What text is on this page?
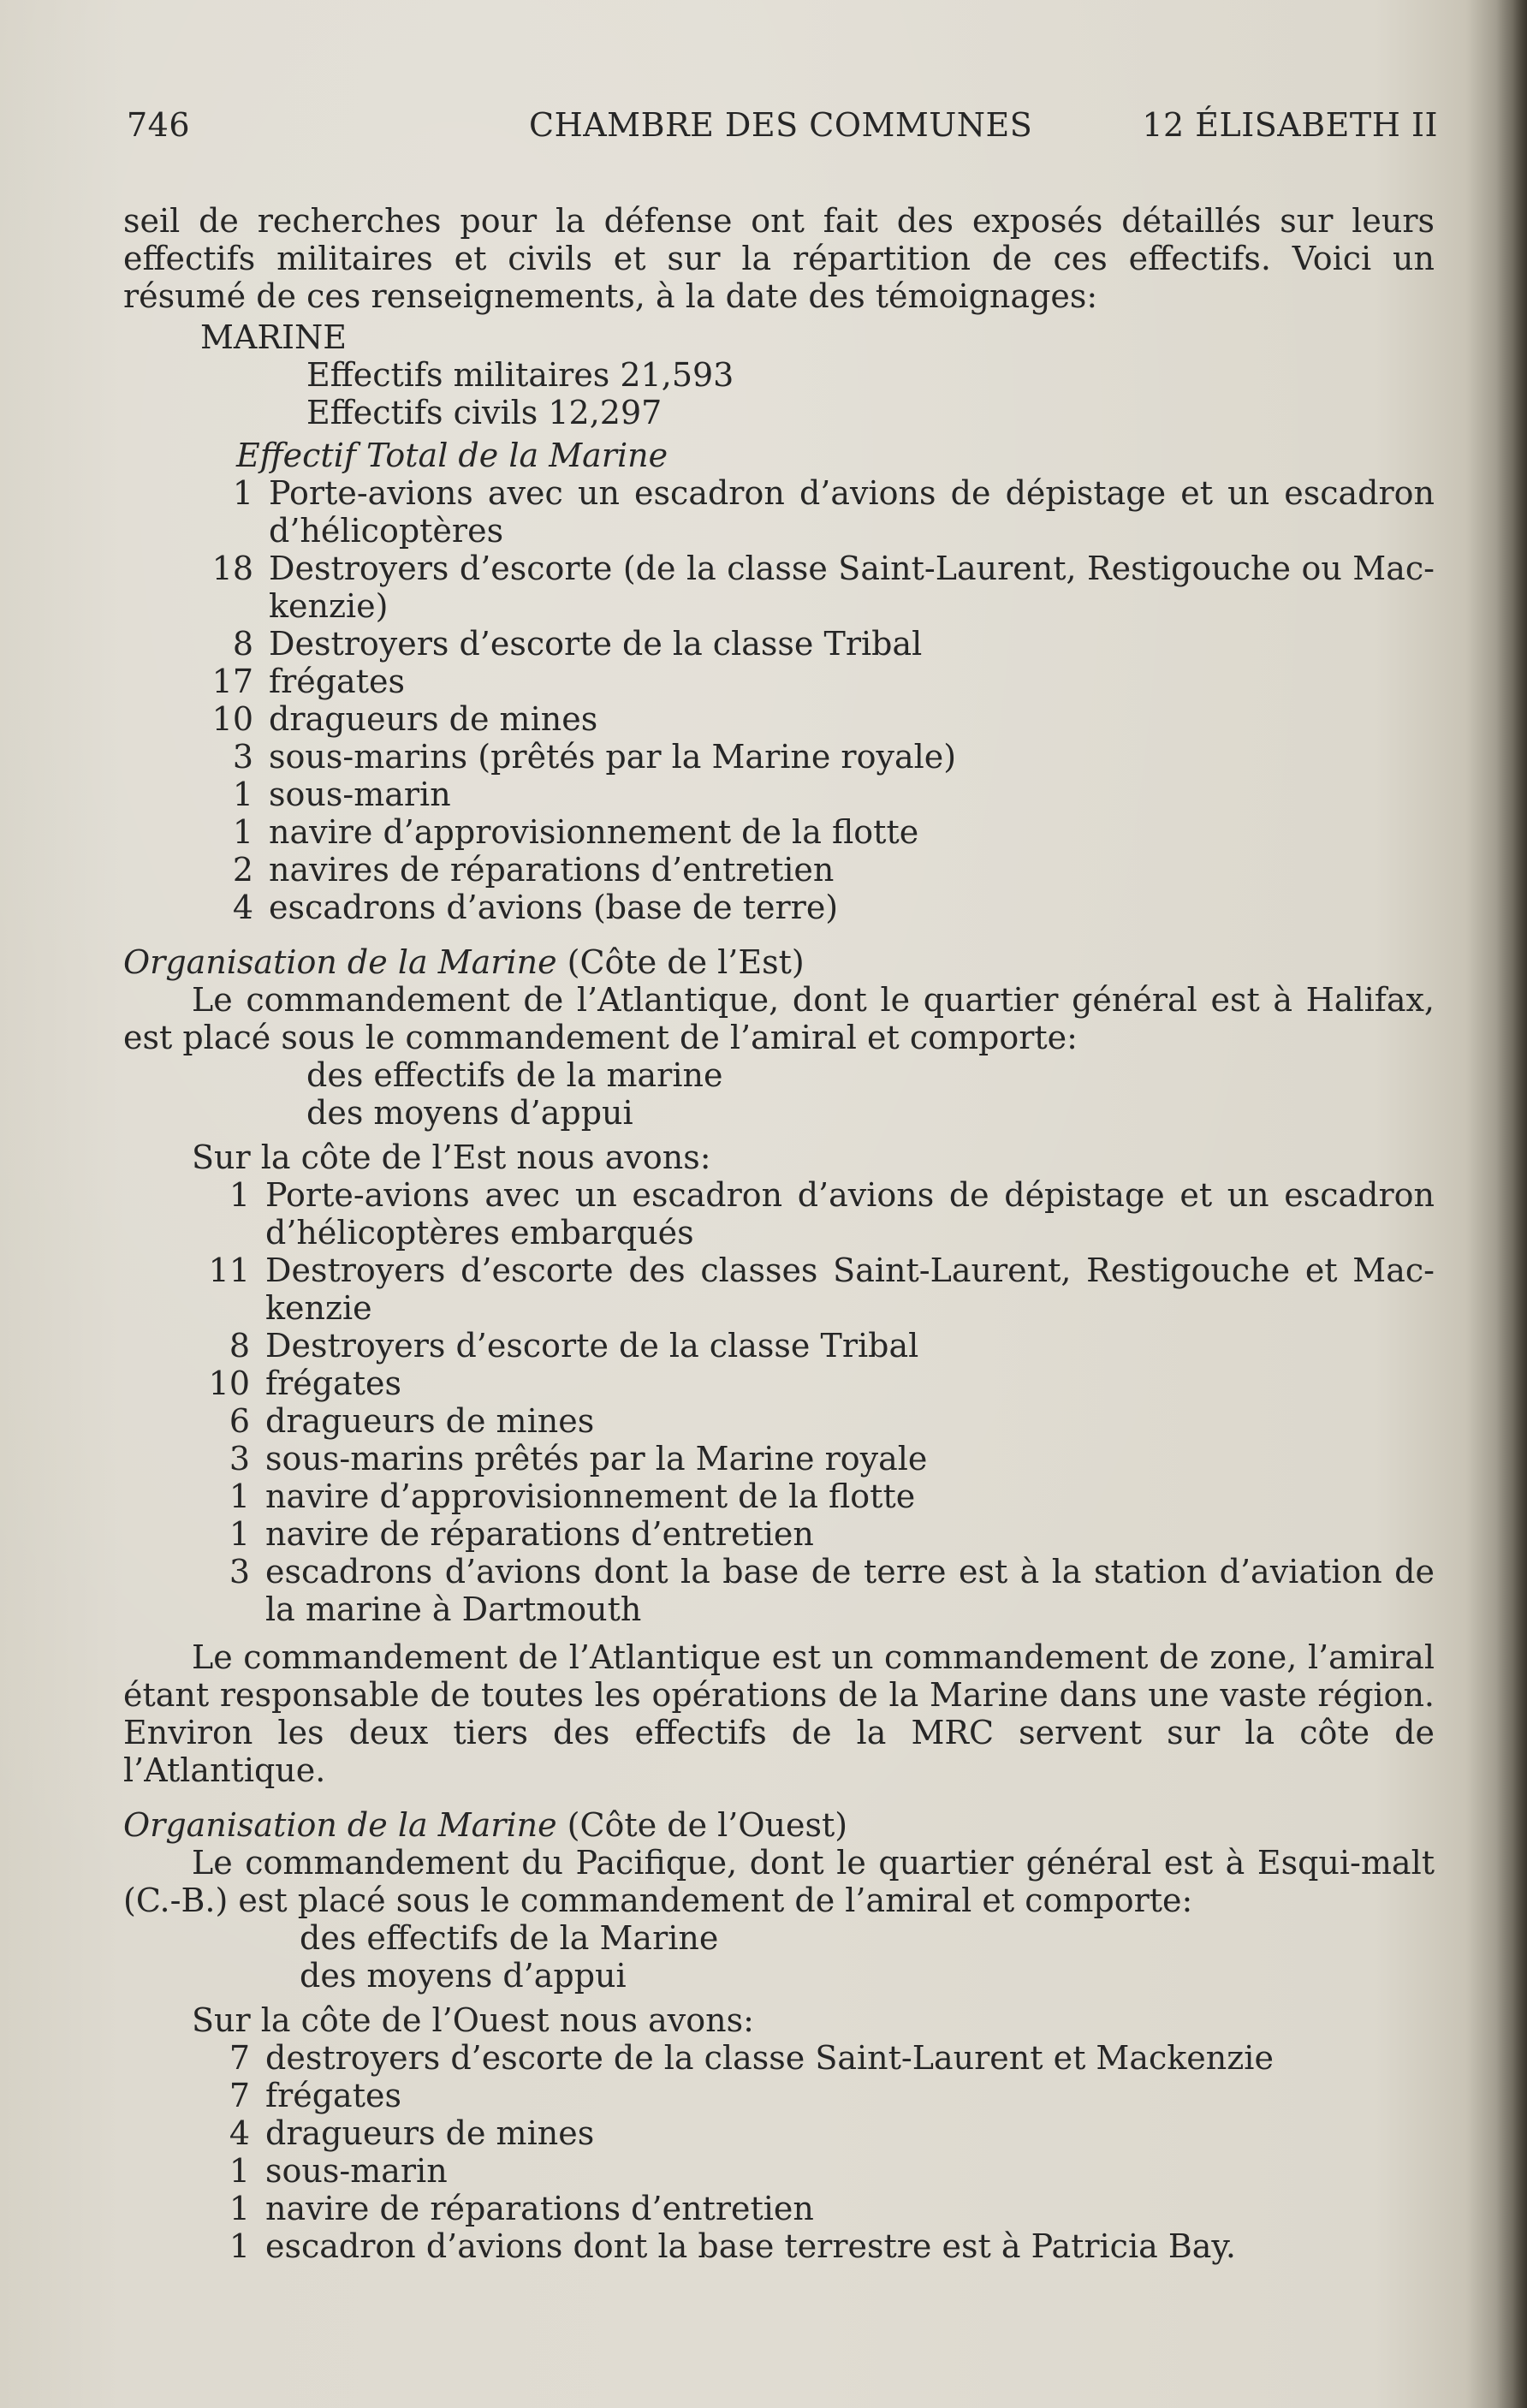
746	CHAMBRE DES COMMUNES	12 ÉLISABETH II

seil de recherches pour la défense ont fait des exposés détaillés sur leurs effectifs militaires et civils et sur la répartition de ces effectifs. Voici un résumé de ces renseignements, à la date des témoignages:

MARINE

Effectifs militaires 21,593

Effectifs civils 12,297

Effectif Total de la Marine

1 Porte-avions avec un escadron d’avions de dépistage et un escadron d’hélicoptères
18 Destroyers d’escorte (de la classe Saint-Laurent, Restigouche ou Mac-kenzie)
8 Destroyers d’escorte de la classe Tribal
17 frégates
10 dragueurs de mines
3 sous-marins (prêtés par la Marine royale)
1 sous-marin
1 navire d’approvisionnement de la flotte
2 navires de réparations d’entretien
4 escadrons d’avions (base de terre)

Organisation de la Marine (Côte de l’Est)

Le commandement de l’Atlantique, dont le quartier général est à Halifax, est placé sous le commandement de l’amiral et comporte:

des effectifs de la marine

des moyens d’appui

Sur la côte de l’Est nous avons:

1 Porte-avions avec un escadron d’avions de dépistage et un escadron d’hélicoptères embarqués
11 Destroyers d’escorte des classes Saint-Laurent, Restigouche et Mac-kenzie
8 Destroyers d’escorte de la classe Tribal
10 frégates
6 dragueurs de mines
3 sous-marins prêtés par la Marine royale
1 navire d’approvisionnement de la flotte
1 navire de réparations d’entretien
3 escadrons d’avions dont la base de terre est à la station d’aviation de la marine à Dartmouth

Le commandement de l’Atlantique est un commandement de zone, l’amiral étant responsable de toutes les opérations de la Marine dans une vaste région. Environ les deux tiers des effectifs de la MRC servent sur la côte de l’Atlantique.

Organisation de la Marine (Côte de l’Ouest)

Le commandement du Pacifique, dont le quartier général est à Esqui-malt (C.-B.) est placé sous le commandement de l’amiral et comporte:

des effectifs de la Marine

des moyens d’appui

Sur la côte de l’Ouest nous avons:

7 destroyers d’escorte de la classe Saint-Laurent et Mackenzie
7 frégates
4 dragueurs de mines
1 sous-marin
1 navire de réparations d’entretien
1 escadron d’avions dont la base terrestre est à Patricia Bay.
